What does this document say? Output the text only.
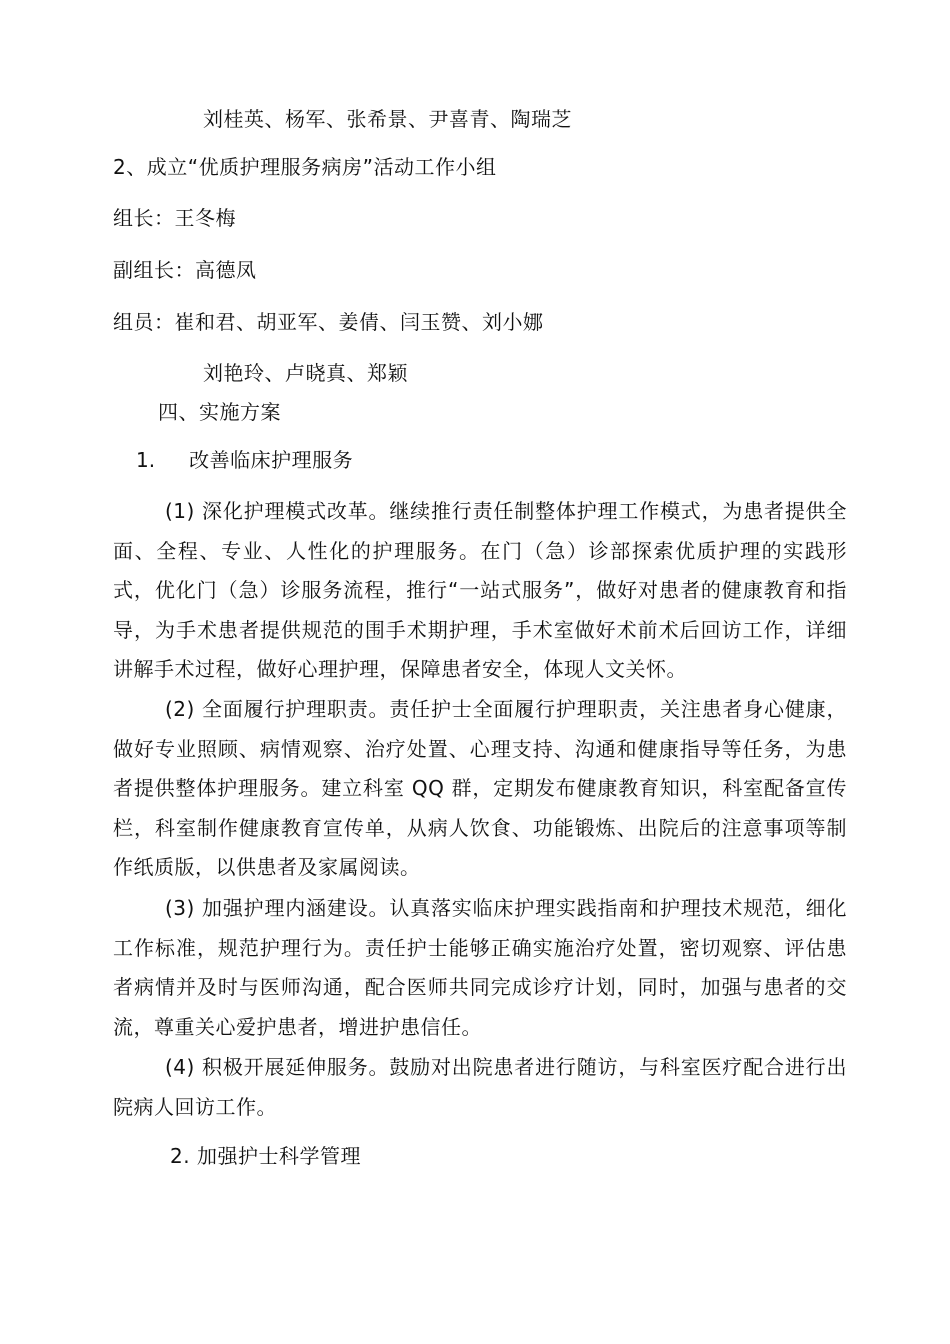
刘桂英、杨军、张希景、尹喜青、陶瑞芝
2、成立“优质护理服务病房”活动工作小组
组长：王冬梅
副组长：高德凤
组员：崔和君、胡亚军、姜倩、闫玉赞、刘小娜
刘艳玲、卢晓真、郑颖
四、实施方案
1. 改善临床护理服务

(1) 深化护理模式改革。继续推行责任制整体护理工作模式，为患者提供全面、全程、专业、人性化的护理服务。在门（急）诊部探索优质护理的实践形式，优化门（急）诊服务流程，推行“一站式服务”，做好对患者的健康教育和指导，为手术患者提供规范的围手术期护理，手术室做好术前术后回访工作，详细讲解手术过程，做好心理护理，保障患者安全，体现人文关怀。

(2) 全面履行护理职责。责任护士全面履行护理职责，关注患者身心健康，做好专业照顾、病情观察、治疗处置、心理支持、沟通和健康指导等任务，为患者提供整体护理服务。建立科室 QQ 群，定期发布健康教育知识，科室配备宣传栏，科室制作健康教育宣传单，从病人饮食、功能锻炼、出院后的注意事项等制作纸质版，以供患者及家属阅读。

(3) 加强护理内涵建设。认真落实临床护理实践指南和护理技术规范，细化工作标准，规范护理行为。责任护士能够正确实施治疗处置，密切观察、评估患者病情并及时与医师沟通，配合医师共同完成诊疗计划，同时，加强与患者的交流，尊重关心爱护患者，增进护患信任。

(4) 积极开展延伸服务。鼓励对出院患者进行随访，与科室医疗配合进行出院病人回访工作。

2. 加强护士科学管理
